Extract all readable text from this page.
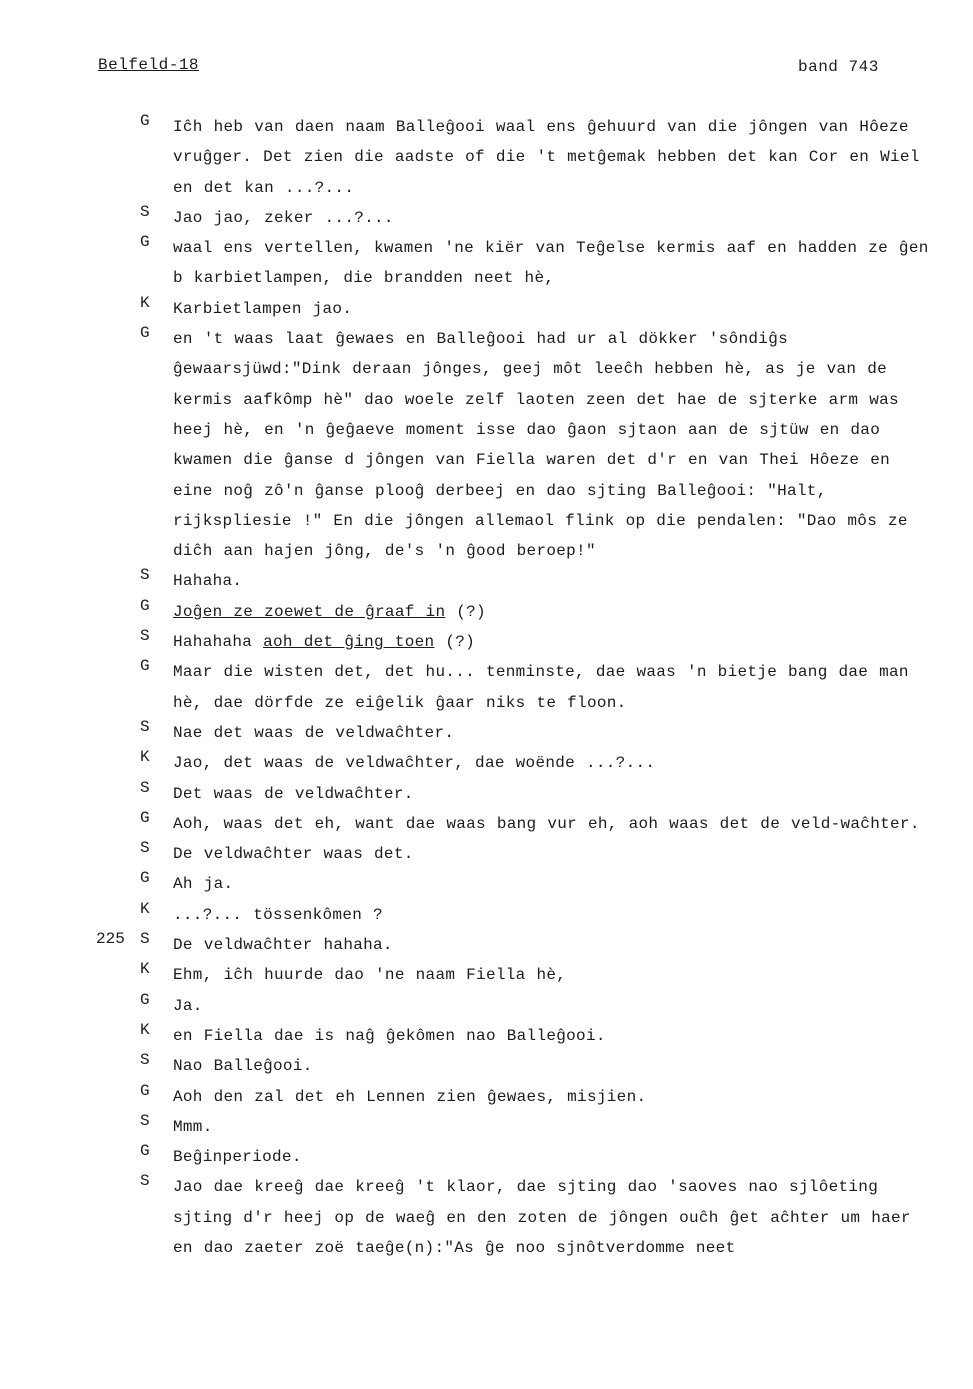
Belfeld-18	band 743
G	Iĉh heb van daen naam Balleĝooi waal ens ĝehuurd van die jôngen van Hôeze vruĝger. Det zien die aadste of die 't metĝemak hebben det kan Cor en Wiel en det kan ...?...
S	Jao jao, zeker ...?...
G	waal ens vertellen, kwamen 'ne kiër van Teĝelse kermis aaf en hadden ze ĝen b karbietlampen, die brandden neet hè,
K	Karbietlampen jao.
G	en 't waas laat ĝewaes en Balleĝooi had ur al dökker 'sôndiĝs ĝewaarsjüwd:"Dink deraan jônges, geej môt leeĉh hebben hè, as je van de kermis aafkômp hè" dao woele zelf laoten zeen det hae de sjterke arm was heej hè, en 'n ĝeĝaeve moment isse dao ĝaon sjtaon aan de sjtüw en dao kwamen die ĝanse d jôngen van Fiella waren det d'r en van Thei Hôeze en eine noĝ zô'n ĝanse plooĝ derbeej en dao sjting Balleĝooi: "Halt, rijkspliesie !" En die jôngen allemaol flink op die pendalen: "Dao môs ze diĉh aan hajen jông, de's 'n ĝood beroep!"
S	Hahaha.
G	Joĝen ze zoewet de ĝraaf in (?)
S	Hahahaha aoh det ĝing toen (?)
G	Maar die wisten det, det hu... tenminste, dae waas 'n bietje bang dae man hè, dae dörfde ze eiĝelik ĝaar niks te floon.
S	Nae det waas de veldwaĉhter.
K	Jao, det waas de veldwaĉhter, dae woënde ...?...
S	Det waas de veldwaĉhter.
G	Aoh, waas det eh, want dae waas bang vur eh, aoh waas det de veld-waĉhter.
S	De veldwaĉhter waas det.
G	Ah ja.
K	...?... tössenkômen ?
225 S	De veldwaĉhter hahaha.
K	Ehm, iĉh huurde dao 'ne naam Fiella hè,
G	Ja.
K	en Fiella dae is naĝ ĝekômen nao Balleĝooi.
S	Nao Balleĝooi.
G	Aoh den zal det eh Lennen zien ĝewaes, misjien.
S	Mmm.
G	Beĝinperiode.
S	Jao dae kreeĝ dae kreeĝ 't klaor, dae sjting dao 'saoves nao sjlôeting sjting d'r heej op de waeĝ en den zoten de jôngen ouĉh ĝet aĉhter um haer en dao zaeter zoë taeĝe(n):"As ĝe noo sjnôtverdomme neet
